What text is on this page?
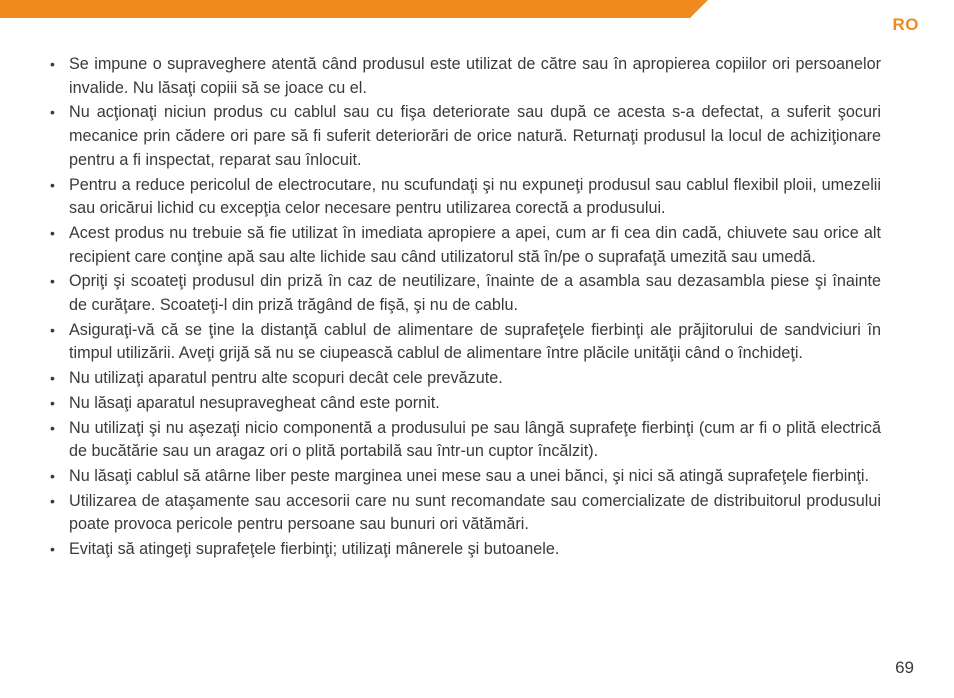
RO
• Se impune o supraveghere atentă când produsul este utilizat de către sau în apropierea copiilor ori persoanelor invalide. Nu lăsaţi copiii să se joace cu el.
• Nu acţionaţi niciun produs cu cablul sau cu fişa deteriorate sau după ce acesta s-a defectat, a suferit şocuri mecanice prin cădere ori pare să fi suferit deteriorări de orice natură. Returnaţi produsul la locul de achiziţionare pentru a fi inspectat, reparat sau înlocuit.
• Pentru a reduce pericolul de electrocutare, nu scufundaţi şi nu expuneţi produsul sau cablul flexibil ploii, umezelii sau oricărui lichid cu excepţia celor necesare pentru utilizarea corectă a produsului.
• Acest produs nu trebuie să fie utilizat în imediata apropiere a apei, cum ar fi cea din cadă, chiuvete sau orice alt recipient care conţine apă sau alte lichide sau când utilizatorul stă în/pe o suprafaţă umezită sau umedă.
• Opriţi şi scoateţi produsul din priză în caz de neutilizare, înainte de a asambla sau dezasambla piese şi înainte de curăţare. Scoateţi-l din priză trăgând de fişă, şi nu de cablu.
• Asiguraţi-vă că se ţine la distanţă cablul de alimentare de suprafeţele fierbinţi ale prăjitorului de sandviciuri în timpul utilizării. Aveţi grijă să nu se ciupească cablul de alimentare între plăcile unităţii când o închideţi.
• Nu utilizaţi aparatul pentru alte scopuri decât cele prevăzute.
• Nu lăsaţi aparatul nesupravegheat când este pornit.
• Nu utilizaţi şi nu aşezaţi nicio componentă a produsului pe sau lângă suprafeţe fierbinţi (cum ar fi o plită electrică de bucătărie sau un aragaz ori o plită portabilă sau într-un cuptor încălzit).
• Nu lăsaţi cablul să atârne liber peste marginea unei mese sau a unei bănci, şi nici să atingă suprafeţele fierbinţi.
• Utilizarea de ataşamente sau accesorii care nu sunt recomandate sau comercializate de distribuitorul produsului poate provoca pericole pentru persoane sau bunuri ori vătămări.
• Evitaţi să atingeţi suprafeţele fierbinţi; utilizaţi mânerele şi butoanele.
69
